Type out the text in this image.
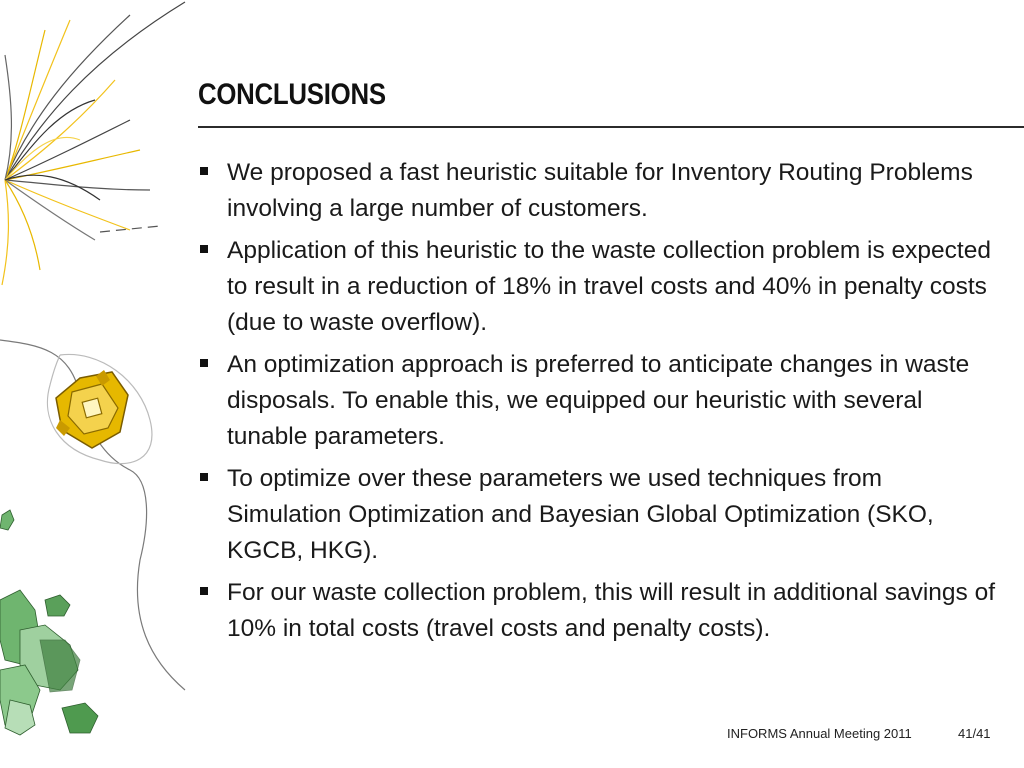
CONCLUSIONS
We proposed a fast heuristic suitable for Inventory Routing Problems involving a large number of customers.
Application of this heuristic to the waste collection problem is expected to result in a reduction of 18% in travel costs and 40% in penalty costs (due to waste overflow).
An optimization approach is preferred to anticipate changes in waste disposals. To enable this, we equipped our heuristic with several tunable parameters.
To optimize over these parameters we used techniques from Simulation Optimization and Bayesian Global Optimization (SKO, KGCB, HKG).
For our waste collection problem, this will result in additional savings of 10% in total costs (travel costs and penalty costs).
INFORMS Annual Meeting 2011	41/41
